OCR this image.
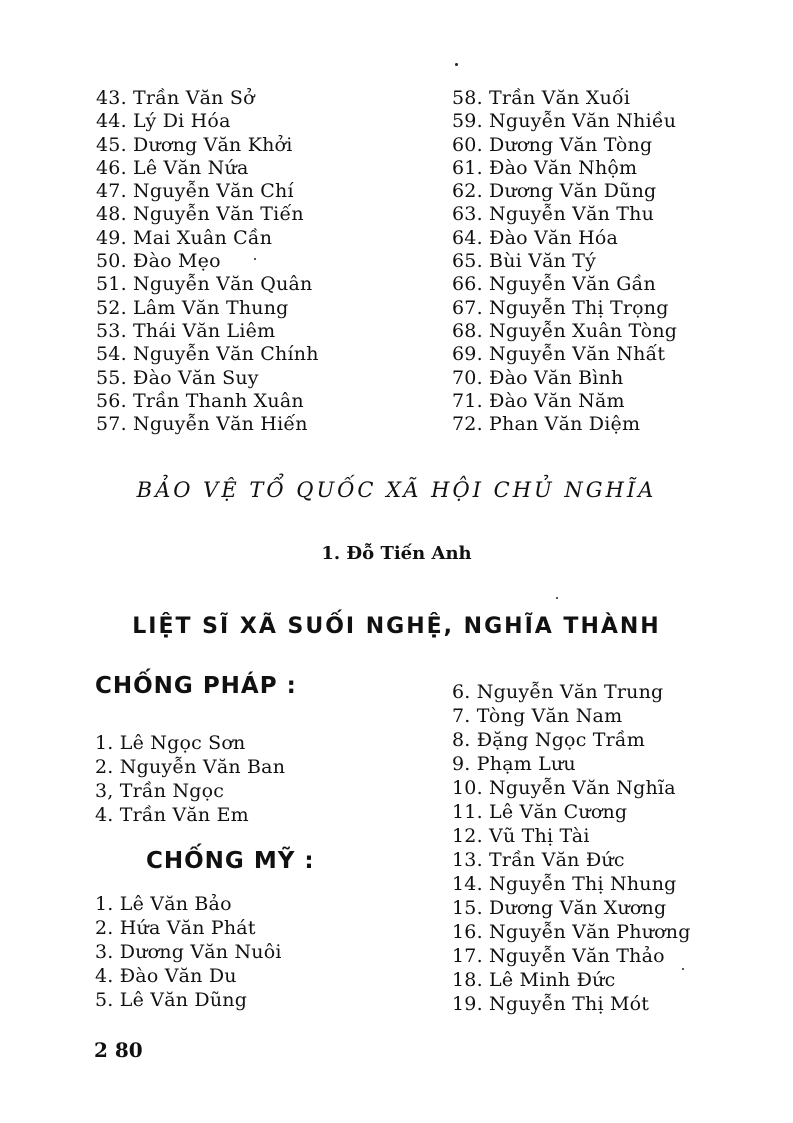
43. Trần Văn Sở
44. Lý Di Hóa
45. Dương Văn Khởi
46. Lê Văn Nứa
47. Nguyễn Văn Chí
48. Nguyễn Văn Tiến
49. Mai Xuân Cần
50. Đào Mẹo
51. Nguyễn Văn Quân
52. Lâm Văn Thung
53. Thái Văn Liêm
54. Nguyễn Văn Chính
55. Đào Văn Suy
56. Trần Thanh Xuân
57. Nguyễn Văn Hiến
58. Trần Văn Xuối
59. Nguyễn Văn Nhiều
60. Dương Văn Tòng
61. Đào Văn Nhộm
62. Dương Văn Dũng
63. Nguyễn Văn Thu
64. Đào Văn Hóa
65. Bùi Văn Tý
66. Nguyễn Văn Gần
67. Nguyễn Thị Trọng
68. Nguyễn Xuân Tòng
69. Nguyễn Văn Nhất
70. Đào Văn Bình
71. Đào Văn Năm
72. Phan Văn Diệm
BẢO VỆ TỔ QUỐC XÃ HỘI CHỦ NGHĨA
1. Đỗ Tiến Anh
LIỆT SĨ XÃ SUỐI NGHỆ, NGHĨA THÀNH
CHỐNG PHÁP :
1. Lê Ngọc Sơn
2. Nguyễn Văn Ban
3, Trần Ngọc
4. Trần Văn Em
CHỐNG MỸ :
1. Lê Văn Bảo
2. Hứa Văn Phát
3. Dương Văn Nuôi
4. Đào Văn Du
5. Lê Văn Dũng
6. Nguyễn Văn Trung
7. Tòng Văn Nam
8. Đặng Ngọc Trầm
9. Phạm Lưu
10. Nguyễn Văn Nghĩa
11. Lê Văn Cương
12. Vũ Thị Tài
13. Trần Văn Đức
14. Nguyễn Thị Nhung
15. Dương Văn Xương
16. Nguyễn Văn Phương
17. Nguyễn Văn Thảo
18. Lê Minh Đức
19. Nguyễn Thị Mót
2 80
